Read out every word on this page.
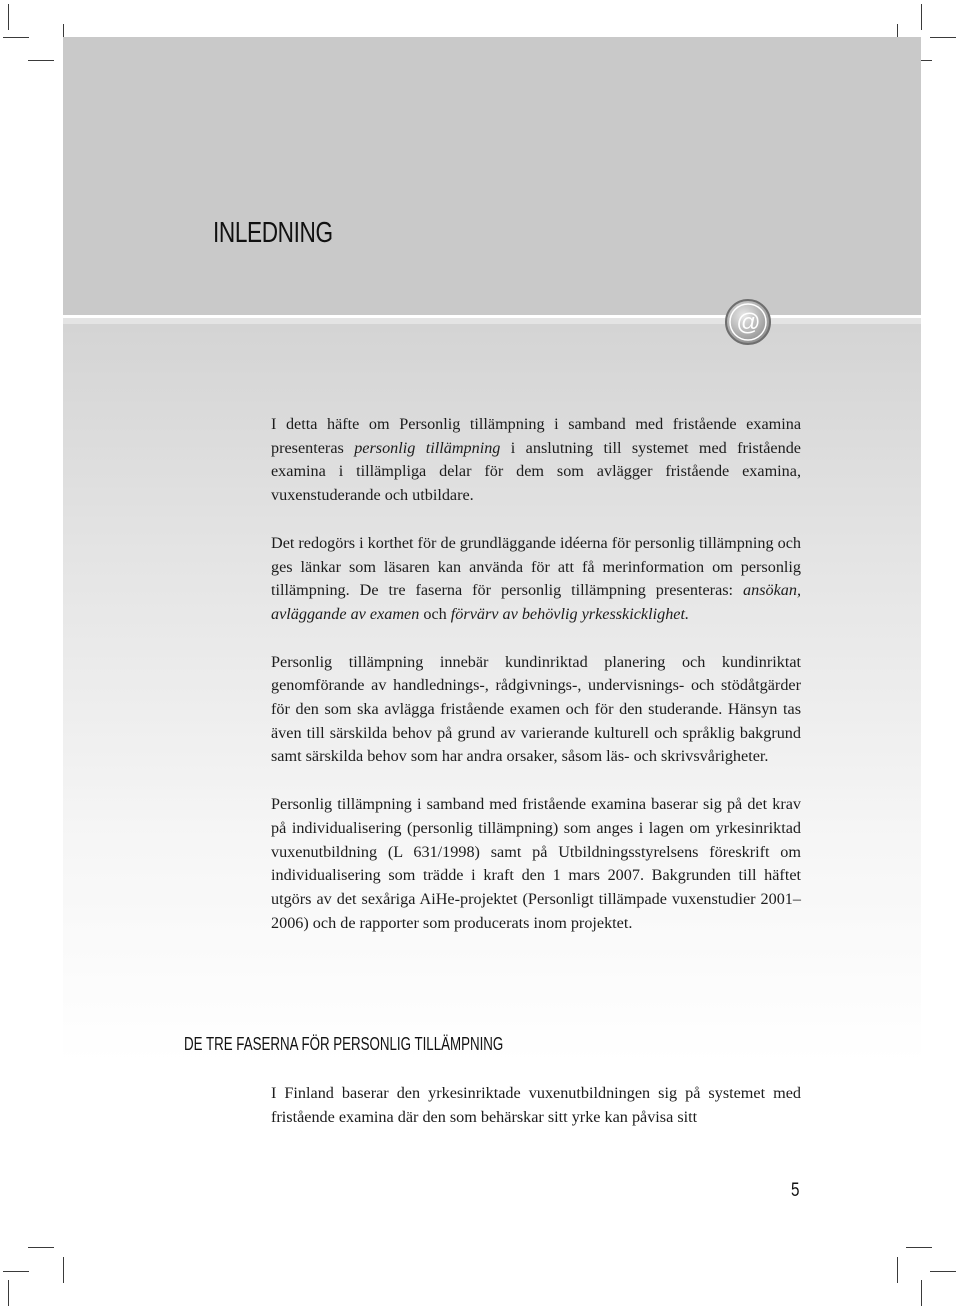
INLEDNING
@

I detta häfte om Personlig tillämpning i samband med fristående examina presenteras personlig tillämpning i anslutning till systemet med fristående examina i tillämpliga delar för dem som avlägger fristående examina, vuxenstuderande och utbildare.

Det redogörs i korthet för de grundläggande idéerna för personlig tillämpning och ges länkar som läsaren kan använda för att få merinformation om personlig tillämpning. De tre faserna för personlig tillämpning presenteras: ansökan, avläggande av examen och förvärv av behövlig yrkesskicklighet.

Personlig tillämpning innebär kundinriktad planering och kundinriktat genomförande av handlednings-, rådgivnings-, undervisnings- och stödåtgärder för den som ska avlägga fristående examen och för den studerande. Hänsyn tas även till särskilda behov på grund av varierande kulturell och språklig bakgrund samt särskilda behov som har andra orsaker, såsom läs- och skrivsvårigheter.

Personlig tillämpning i samband med fristående examina baserar sig på det krav på individualisering (personlig tillämpning) som anges i lagen om yrkesinriktad vuxenutbildning (L 631/1998) samt på Utbildningsstyrelsens föreskrift om individualisering som trädde i kraft den 1 mars 2007. Bakgrunden till häftet utgörs av det sexåriga AiHe-projektet (Personligt tillämpade vuxenstudier 2001–2006) och de rapporter som producerats inom projektet.

DE TRE FASERNA FÖR PERSONLIG TILLÄMPNING

I Finland baserar den yrkesinriktade vuxenutbildningen sig på systemet med fristående examina där den som behärskar sitt yrke kan påvisa sitt

5
